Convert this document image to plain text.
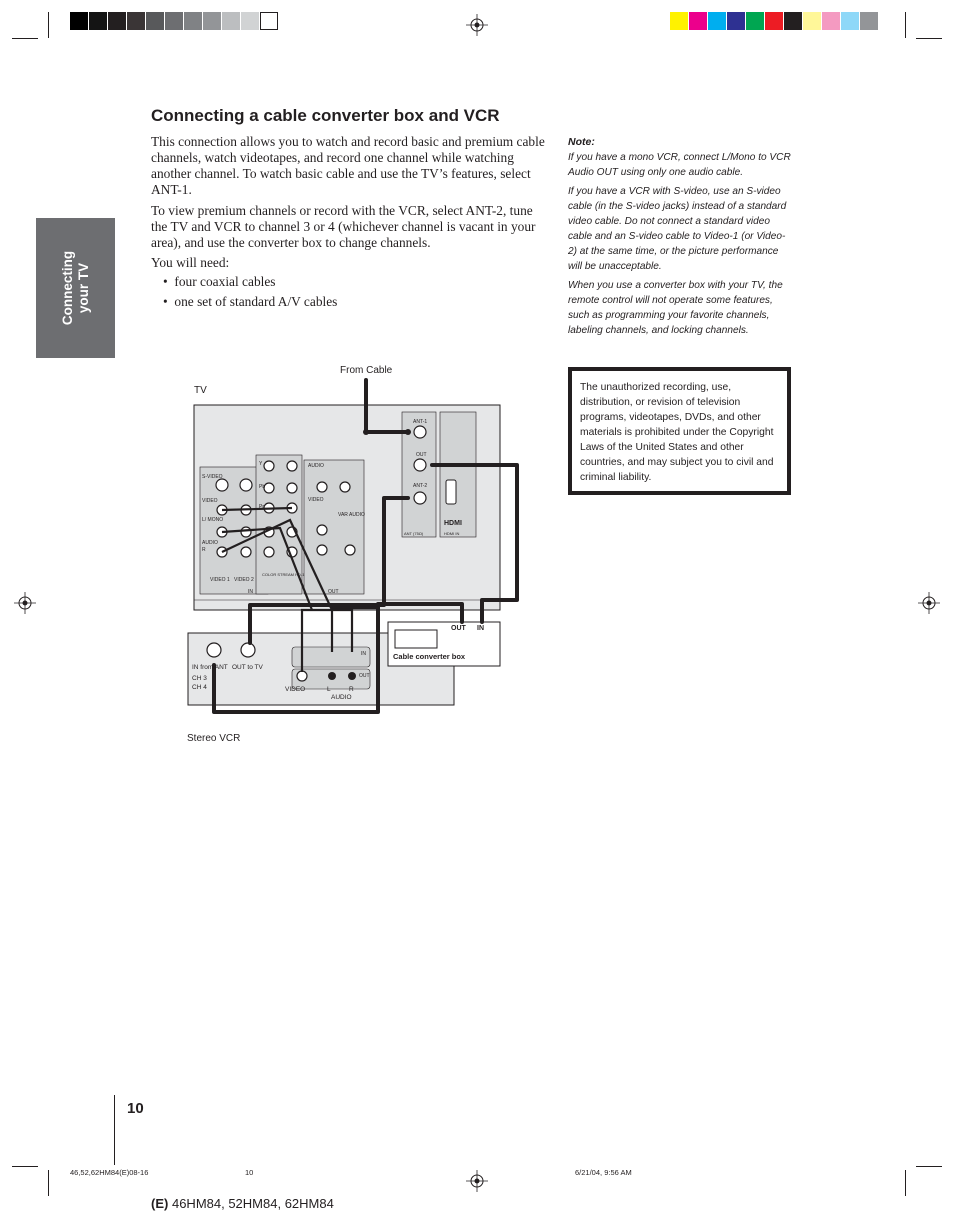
Connecting your TV
Connecting a cable converter box and VCR

This connection allows you to watch and record basic and premium cable channels, watch videotapes, and record one channel while watching another channel. To watch basic cable and use the TV’s features, select ANT-1.

To view premium channels or record with the VCR, select ANT-2, tune the TV and VCR to channel 3 or 4 (whichever channel is vacant in your area), and use the converter box to change channels.

You will need:

•  four coaxial cables
•  one set of standard A/V cables
Note:
If you have a mono VCR, connect L/Mono to VCR Audio OUT using only one audio cable.
If you have a VCR with S-video, use an S-video cable (in the S-video jacks) instead of a standard video cable. Do not connect a standard video cable and an S-video cable to Video-1 (or Video-2) at the same time, or the picture performance will be unacceptable.
When you use a converter box with your TV, the remote control will not operate some features, such as programming your favorite channels, labeling channels, and locking channels.
The unauthorized recording, use, distribution, or revision of television programs, videotapes, DVDs, and other materials is prohibited under the Copyright Laws of the United States and other countries, and may subject you to civil and criminal liability.
S-VIDEO
VIDEO
L/ MONO
AUDIO
R
VIDEO 1 VIDEO 2
Y
Pb
Pr
COLOR STREAM HD-1
AUDIO
VIDEO
VAR AUDIO
IN	OUT
ANT-1
OUT
ANT-2
ANT (75Ω)	HDMI IN
HDMI
From Cable
TV
Stereo VCR
Cable converter box
OUT IN
IN from ANT OUT to TV
CH 3
CH 4	VIDEO	L	R
AUDIO
IN
OUT
10
46,52,62HM84(E)08-16	10	6/21/04, 9:56 AM
(E) 46HM84, 52HM84, 62HM84
